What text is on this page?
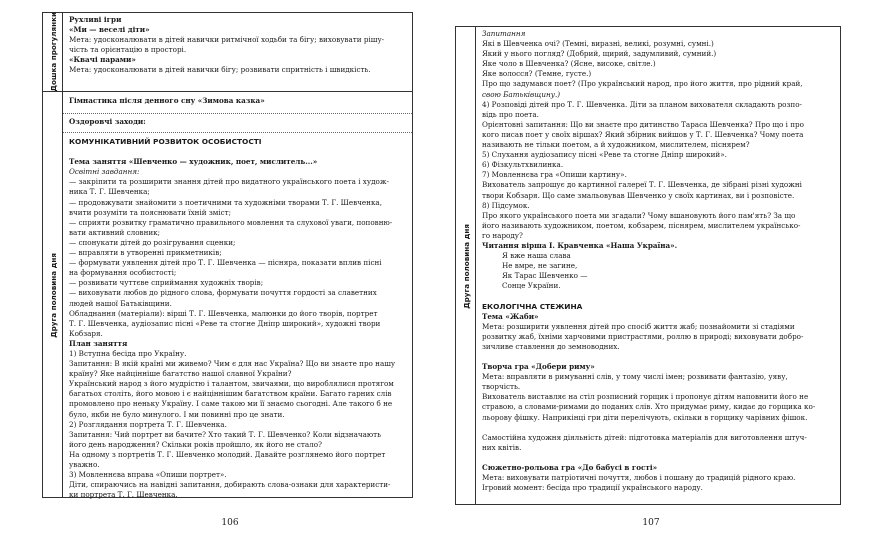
Дошка прогулянки
Друга половина дня
Рухливі ігри
«Ми — веселі діти»
Мета: удосконалювати в дітей навички ритмічної ходьби та бігу; виховувати рішу-
чість та орієнтацію в просторі.
«Квачі парами»
Мета: удосконалювати в дітей навички бігу; розвивати спритність і швидкість.
Гімнастика після денного сну «Зимова казка»
Оздоровчі заходи:
КОМУНІКАТИВНИЙ РОЗВИТОК ОСОБИСТОСТІ

Тема заняття «Шевченко — художник, поет, мислитель...»
Освітні завдання:
— закріпити та розширити знання дітей про видатного українського поета і худож-
ника Т. Г. Шевченка;
— продовжувати знайомити з поетичними та художніми творами Т. Г. Шевченка,
вчити розуміти та пояснювати їхній зміст;
— сприяти розвитку граматично правильного мовлення та слухової уваги, поповню-
вати активний словник;
— спонукати дітей до розігрування сценки;
— вправляти в утворенні прикметників;
— формувати уявлення дітей про Т. Г. Шевченка — пісняра, показати вплив пісні
на формування особистості;
— розвивати чуттєве сприймання художніх творів;
— виховувати любов до рідного слова, формувати почуття гордості за славетних
людей нашої Батьківщини.
Обладнання (матеріали): вірші Т. Г. Шевченка, малюнки до його творів, портрет
Т. Г. Шевченка, аудіозапис пісні «Реве та стогне Дніпр широкий», художні твори
Кобзаря.
План заняття
1) Вступна бесіда про Україну.
Запитання: В якій країні ми живемо? Чим є для нас Україна? Що ви знаєте про нашу
країну? Яке найцінніше багатство нашої славної України?
Український народ з його мудрістю і талантом, звичаями, що вироблялися протягом
багатьох століть, його мовою і є найціннішим багатством країни. Багато гарних слів
промовлено про неньку Україну. І саме такою ми її знаємо сьогодні. Але такого б не
було, якби не було минулого. І ми повинні про це знати.
2) Розглядання портрета Т. Г. Шевченка.
Запитання: Чий портрет ви бачите? Хто такий Т. Г. Шевченко? Коли відзначають
його день народження? Скільки років пройшло, як його не стало?
На одному з портретів Т. Г. Шевченко молодий. Давайте розглянемо його портрет
уважно.
3) Мовленнєва вправа «Опиши портрет».
Діти, спираючись на навідні запитання, добирають слова-ознаки для характеристи-
ки портрета Т. Г. Шевченка.
106
Друга половина дня
Запитання
Які в Шевченка очі? (Темні, виразні, великі, розумні, сумні.)
Який у нього погляд? (Добрий, щирий, задумливий, сумний.)
Яке чоло в Шевченка? (Ясне, високе, світле.)
Яке волосся? (Темне, густе.)
Про що задумався поет? (Про український народ, про його життя, про рідний край,
свою Батьківщину.)
4) Розповіді дітей про Т. Г. Шевченка. Діти за планом вихователя складають розпо-
відь про поета.
Орієнтовні запитання: Що ви знаєте про дитинство Тараса Шевченка? Про що і про
кого писав поет у своїх віршах? Який збірник вийшов у Т. Г. Шевченка? Чому поета
називають не тільки поетом, а й художником, мислителем, піснярем?
5) Слухання аудіозапису пісні «Реве та стогне Дніпр широкий».
6) Фізкультхвилинка.
7) Мовленнєва гра «Опиши картину».
Вихователь запрошує до картинної галереї Т. Г. Шевченка, де зібрані різні художні
твори Кобзаря. Що саме змальовував Шевченко у своїх картинах, ви і розповісте.
8) Підсумок.
Про якого українського поета ми згадали? Чому вшановують його пам'ять? За що
його називають художником, поетом, кобзарем, піснярем, мислителем українсько-
го народу?
Читання вірша І. Кравченка «Наша Україна».
Я вже наша слава
Не вмре, не загине,
Як Тарас Шевченко —
Сонце України.

ЕКОЛОГІЧНА СТЕЖИНА
Тема «Жаби»
Мета: розширити уявлення дітей про спосіб життя жаб; познайомити зі стадіями
розвитку жаб, їхніми харчовими пристрастями, роллю в природі; виховувати добро-
зичливе ставлення до земноводних.

Творча гра «Добери риму»
Мета: вправляти в римуванні слів, у тому числі імен; розвивати фантазію, уяву,
творчість.
Вихователь виставляє на стіл розписний горщик і пропонує дітям наповнити його не
стравою, а словами-римами до поданих слів. Хто придумає риму, кидає до горщика ко-
льорову фішку. Наприкінці гри діти перелічують, скільки в горщику чарівних фішок.

Самостійна художня діяльність дітей: підготовка матеріалів для виготовлення штуч-
них квітів.

Сюжетно-рольова гра «До бабусі в гості»
Мета: виховувати патріотичні почуття, любов і пошану до традицій рідного краю.
Ігровий момент: бесіда про традиції українського народу.
107
